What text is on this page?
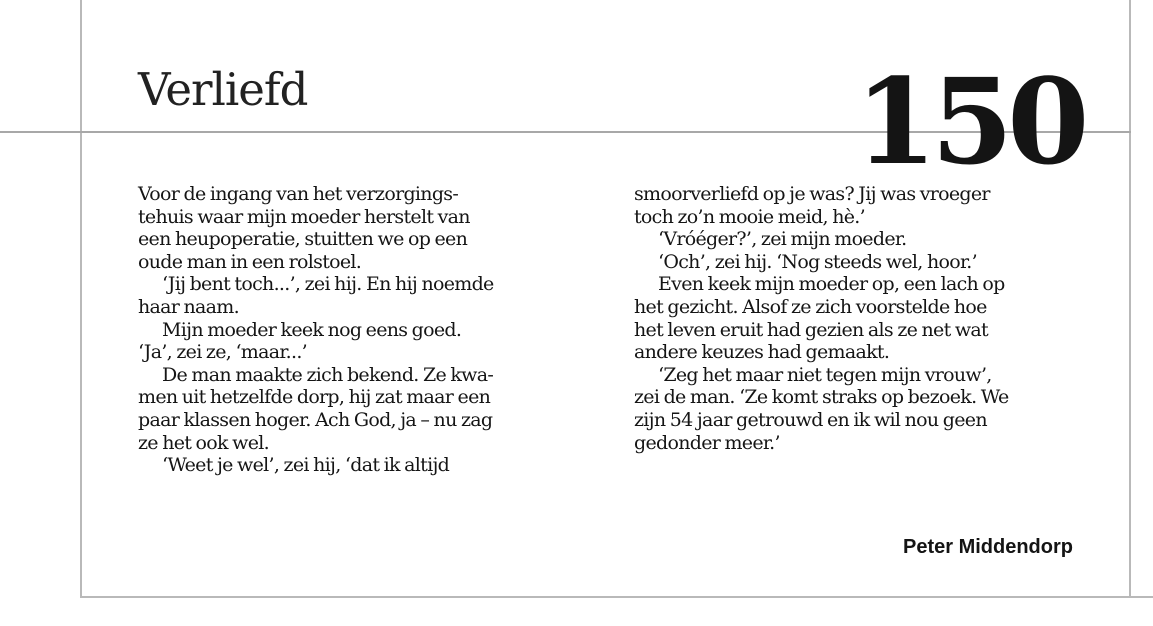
Verliefd	150
Voor de ingang van het verzorgings-
tehuis waar mijn moeder herstelt van
een heupoperatie, stuitten we op een
oude man in een rolstoel.
‘Jij bent toch...’, zei hij. En hij noemde
haar naam.
Mijn moeder keek nog eens goed.
‘Ja’, zei ze, ‘maar...’
De man maakte zich bekend. Ze kwa-
men uit hetzelfde dorp, hij zat maar een
paar klassen hoger. Ach God, ja – nu zag
ze het ook wel.
‘Weet je wel’, zei hij, ‘dat ik altijd
smoorverliefd op je was? Jij was vroeger
toch zo’n mooie meid, hè.’
‘Vróéger?’, zei mijn moeder.
‘Och’, zei hij. ‘Nog steeds wel, hoor.’
Even keek mijn moeder op, een lach op
het gezicht. Alsof ze zich voorstelde hoe
het leven eruit had gezien als ze net wat
andere keuzes had gemaakt.
‘Zeg het maar niet tegen mijn vrouw’,
zei de man. ‘Ze komt straks op bezoek. We
zijn 54 jaar getrouwd en ik wil nou geen
gedonder meer.’
Peter Middendorp
